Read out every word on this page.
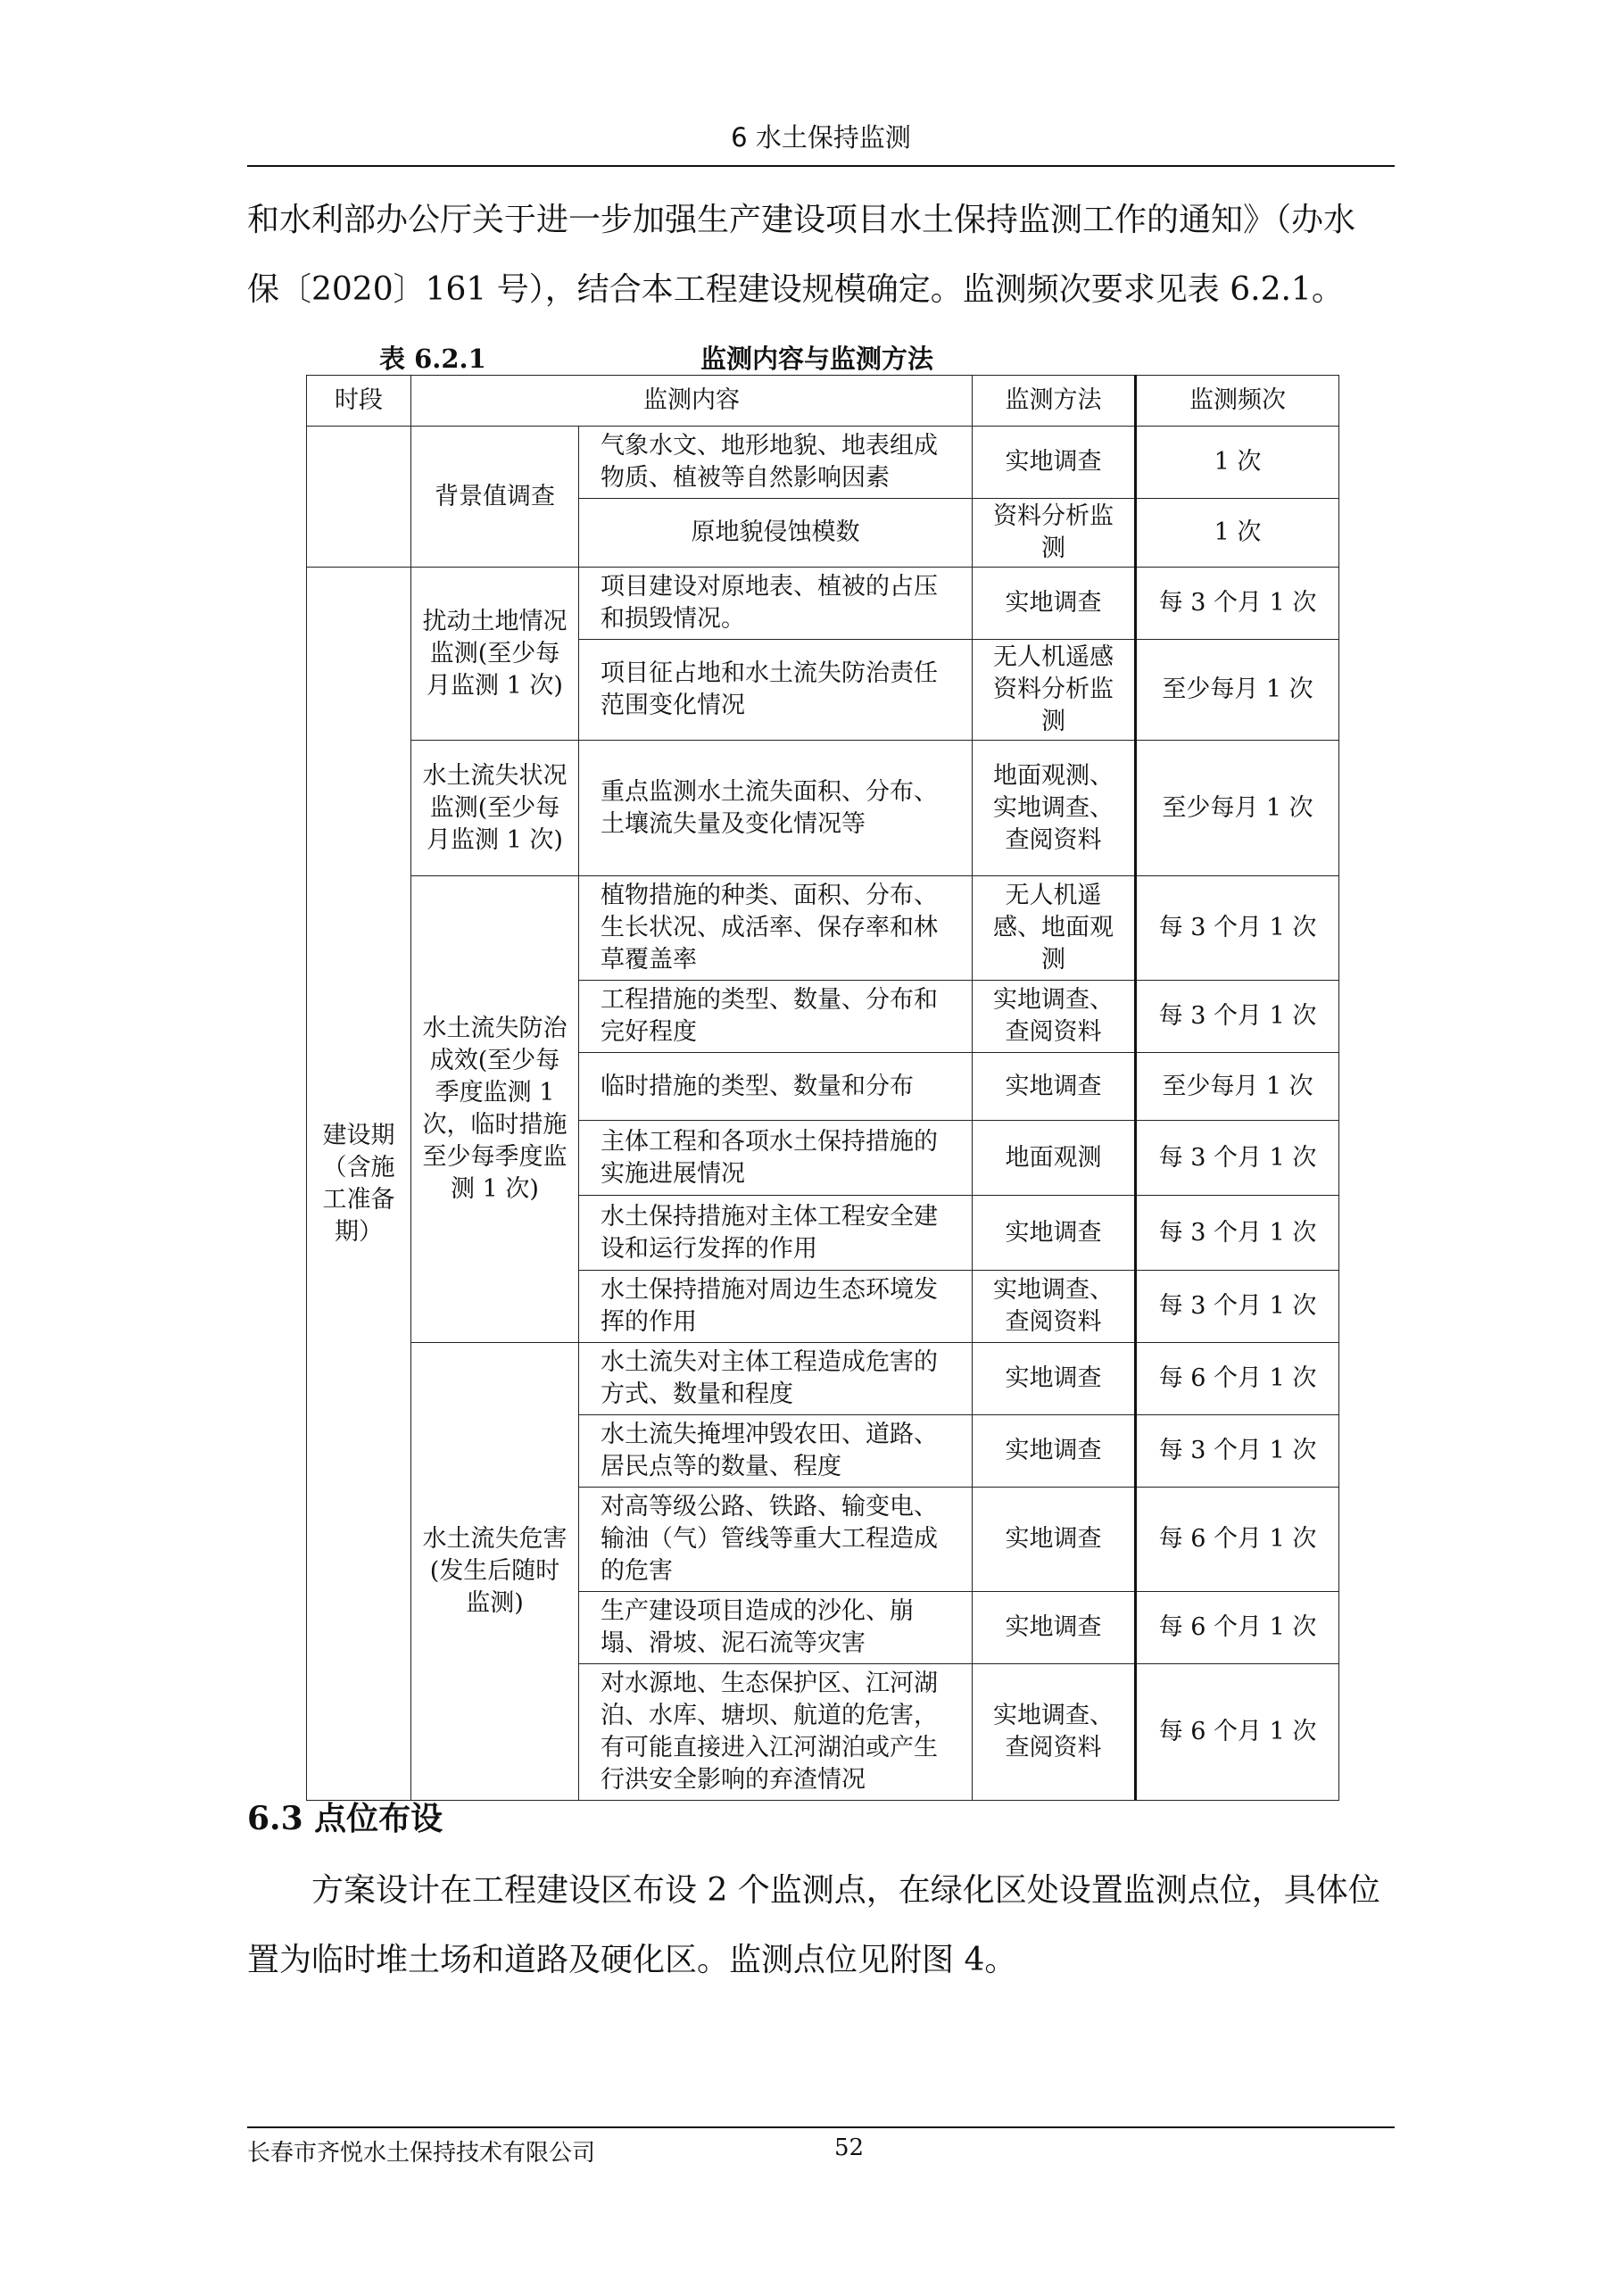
6 水土保持监测

和水利部办公厅关于进一步加强生产建设项目水土保持监测工作的通知》（办水
保〔2020〕161 号），结合本工程建设规模确定。监测频次要求见表 6.2.1。

表 6.2.1	监测内容与监测方法
时段	监测内容		监测方法	监测频次
	背景值调查	气象水文、地形地貌、地表组成物质、植被等自然影响因素	实地调查	1 次
		原地貌侵蚀模数	资料分析监测	1 次
建设期（含施工准备期）	扰动土地情况监测(至少每月监测 1 次)	项目建设对原地表、植被的占压和损毁情况。	实地调查	每 3 个月 1 次
		项目征占地和水土流失防治责任范围变化情况	无人机遥感资料分析监测	至少每月 1 次
	水土流失状况监测(至少每月监测 1 次)	重点监测水土流失面积、分布、土壤流失量及变化情况等	地面观测、实地调查、查阅资料	至少每月 1 次
	水土流失防治成效(至少每季度监测 1 次，临时措施至少每季度监测 1 次)	植物措施的种类、面积、分布、生长状况、成活率、保存率和林草覆盖率	无人机遥感、地面观测	每 3 个月 1 次
		工程措施的类型、数量、分布和完好程度	实地调查、查阅资料	每 3 个月 1 次
		临时措施的类型、数量和分布	实地调查	至少每月 1 次
		主体工程和各项水土保持措施的实施进展情况	地面观测	每 3 个月 1 次
		水土保持措施对主体工程安全建设和运行发挥的作用	实地调查	每 3 个月 1 次
		水土保持措施对周边生态环境发挥的作用	实地调查、查阅资料	每 3 个月 1 次
	水土流失危害(发生后随时监测)	水土流失对主体工程造成危害的方式、数量和程度	实地调查	每 6 个月 1 次
		水土流失掩埋冲毁农田、道路、居民点等的数量、程度	实地调查	每 3 个月 1 次
		对高等级公路、铁路、输变电、输油（气）管线等重大工程造成的危害	实地调查	每 6 个月 1 次
		生产建设项目造成的沙化、崩塌、滑坡、泥石流等灾害	实地调查	每 6 个月 1 次
		对水源地、生态保护区、江河湖泊、水库、塘坝、航道的危害，有可能直接进入江河湖泊或产生行洪安全影响的弃渣情况	实地调查、查阅资料	每 6 个月 1 次
6.3 点位布设

方案设计在工程建设区布设 2 个监测点，在绿化区处设置监测点位，具体位
置为临时堆土场和道路及硬化区。监测点位见附图 4。

长春市齐悦水土保持技术有限公司	52
